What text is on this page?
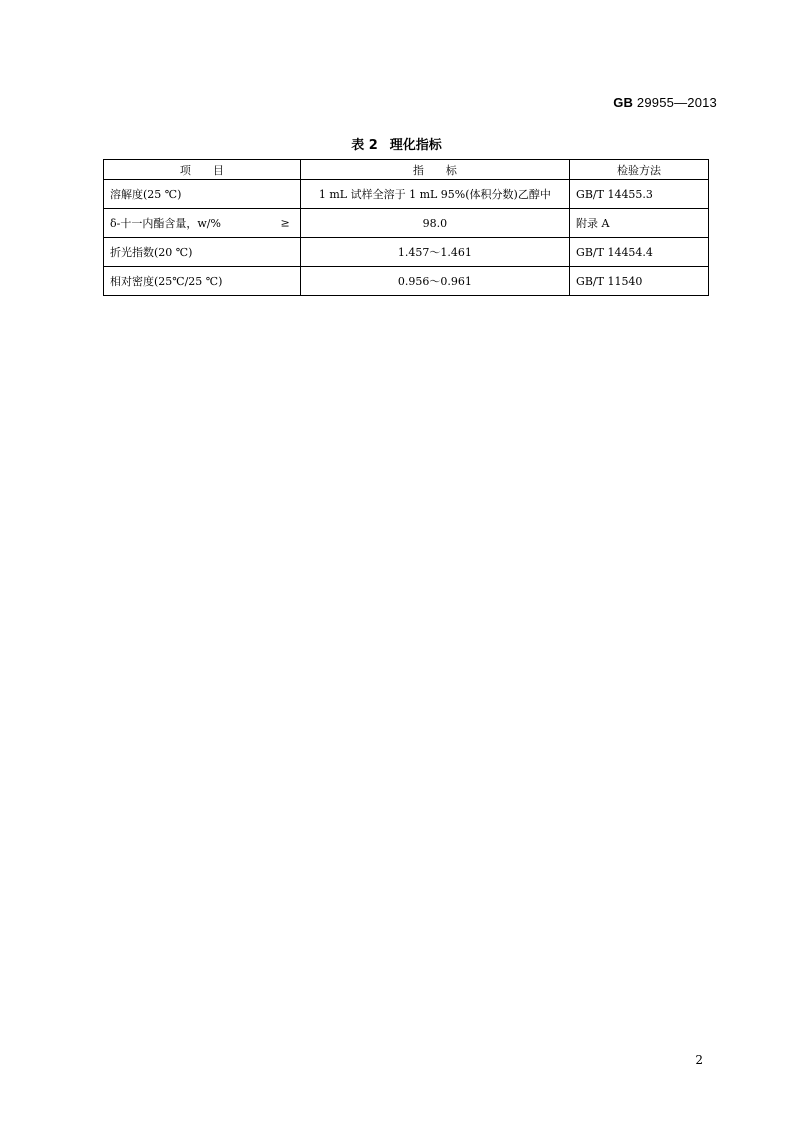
GB 29955—2013
表 2 理化指标
项　　目	指　　标	检验方法
溶解度(25 ℃)	1 mL 试样全溶于 1 mL 95%(体积分数)乙醇中	GB/T 14455.3
δ-十一内酯含量，w/% ≥	98.0	附录 A
折光指数(20 ℃)	1.457～1.461	GB/T 14454.4
相对密度(25℃/25 ℃)	0.956～0.961	GB/T 11540
2
